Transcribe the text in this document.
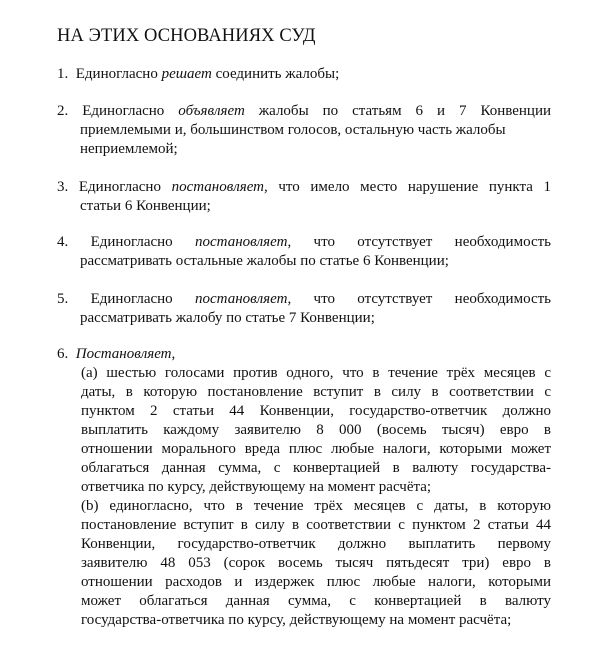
НА ЭТИХ ОСНОВАНИЯХ СУД
1. Единогласно решает соединить жалобы;
2. Единогласно объявляет жалобы по статьям 6 и 7 Конвенции
приемлемыми и, большинством голосов, остальную часть жалобы
неприемлемой;
3. Единогласно постановляет, что имело место нарушение пункта 1
статьи 6 Конвенции;
4. Единогласно постановляет, что отсутствует необходимость
рассматривать остальные жалобы по статье 6 Конвенции;
5. Единогласно постановляет, что отсутствует необходимость
рассматривать жалобу по статье 7 Конвенции;
6. Постановляет,
(a) шестью голосами против одного, что в течение трёх месяцев с
даты, в которую постановление вступит в силу в соответствии с
пунктом 2 статьи 44 Конвенции, государство-ответчик должно
выплатить каждому заявителю 8 000 (восемь тысяч) евро в
отношении морального вреда плюс любые налоги, которыми может
облагаться данная сумма, с конвертацией в валюту государства-
ответчика по курсу, действующему на момент расчёта;
(b) единогласно, что в течение трёх месяцев с даты, в которую
постановление вступит в силу в соответствии с пунктом 2 статьи 44
Конвенции, государство-ответчик должно выплатить первому
заявителю 48 053 (сорок восемь тысяч пятьдесят три) евро в
отношении расходов и издержек плюс любые налоги, которыми
может облагаться данная сумма, с конвертацией в валюту
государства-ответчика по курсу, действующему на момент расчёта;
